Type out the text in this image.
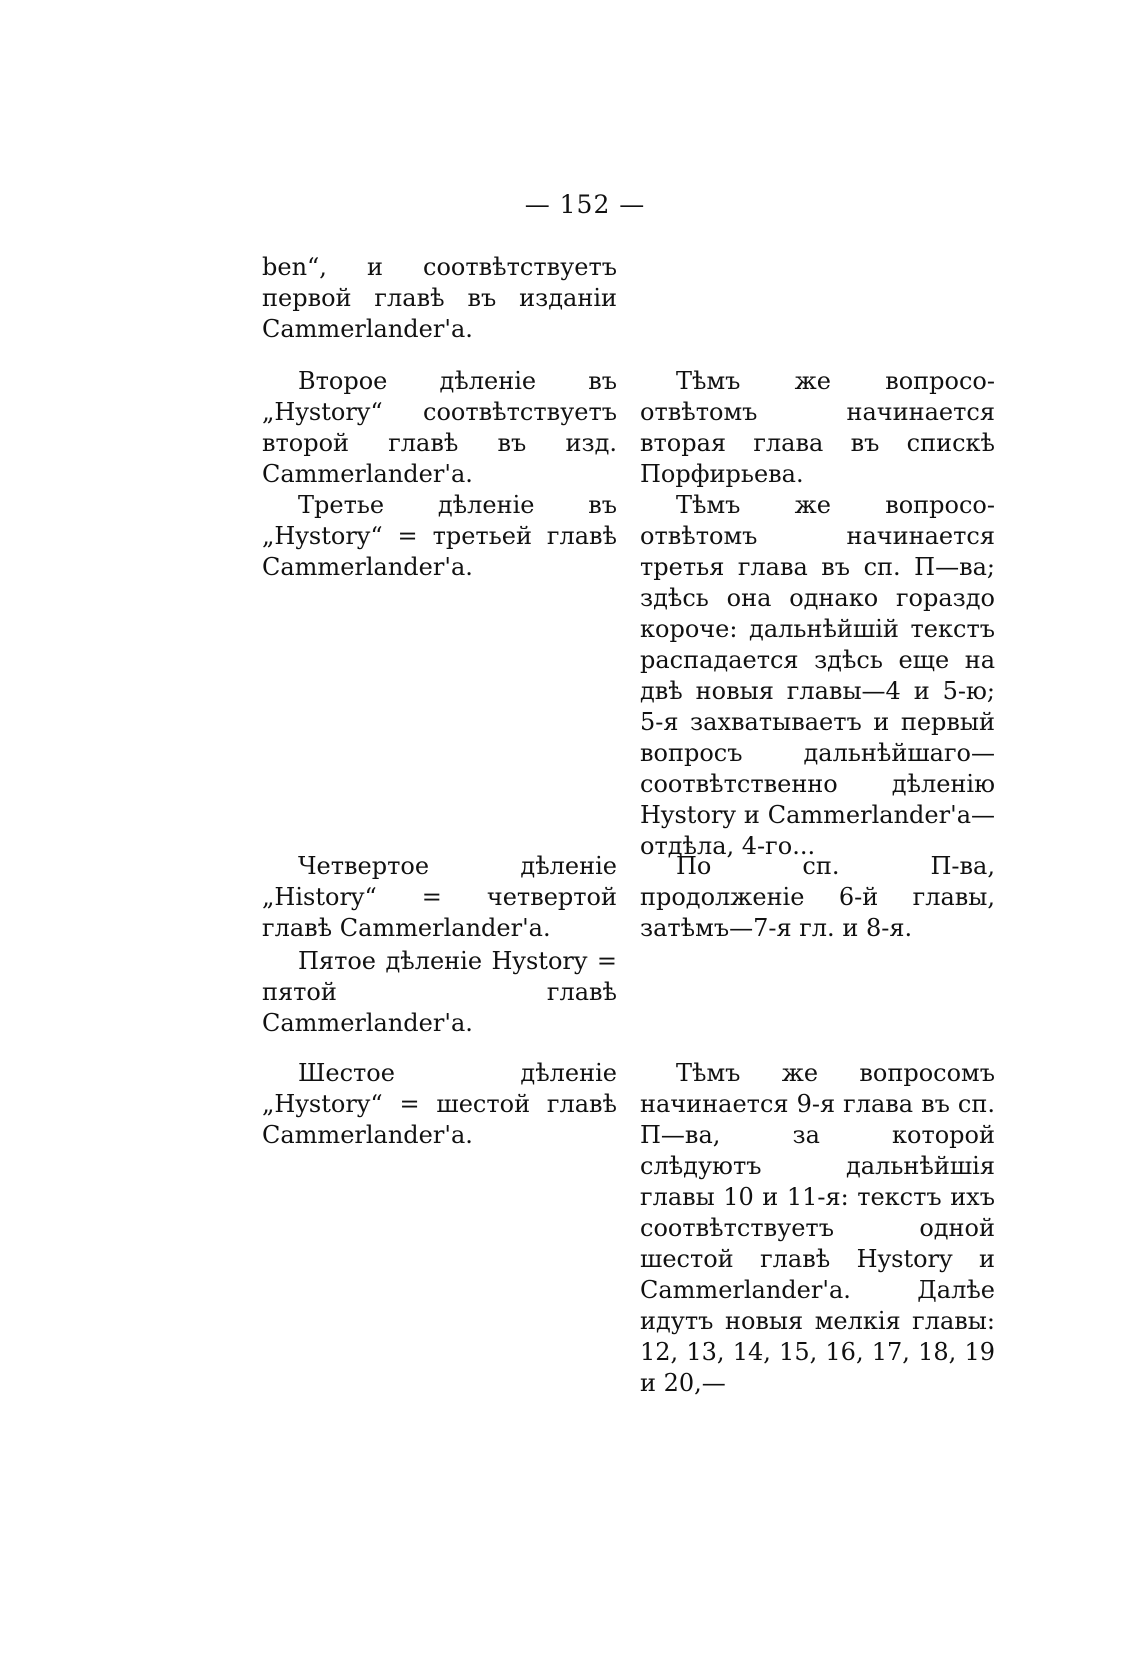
— 152 —

ben“, и соотвѣтствуетъ первой главѣ въ изданіи Cammerlander'а.

Второе дѣленіе въ „Hystory“ соотвѣтствуетъ второй главѣ въ изд. Cammerlander'а.

Третье дѣленіе въ „Hystory“ = третьей главѣ Cammerlander'а.

Четвертое дѣленіе „History“ = четвертой главѣ Cammerlander'а.

Пятое дѣленіе Hystory = пятой главѣ Cammerlander'а.

Шестое дѣленіе „Hystory“ = шестой главѣ Cammerlander'а.

Тѣмъ же вопросо-отвѣтомъ начинается вторая глава въ спискѣ Порфирьева.

Тѣмъ же вопросо-отвѣтомъ начинается третья глава въ сп. П—ва; здѣсь она однако гораздо короче: дальнѣйшій текстъ распадается здѣсь еще на двѣ новыя главы—4 и 5-ю; 5-я захватываетъ и первый вопросъ дальнѣйшаго—соотвѣтственно дѣленію Hystory и Cammerlander'а—отдѣла, 4-го...

По сп. П-ва, продолженіе 6-й главы, затѣмъ—7-я гл. и 8-я.

Тѣмъ же вопросомъ начинается 9-я глава въ сп. П—ва, за которой слѣдуютъ дальнѣйшія главы 10 и 11-я: текстъ ихъ соотвѣтствуетъ одной шестой главѣ Hystory и Cammerlander'а. Далѣе идутъ новыя мелкія главы: 12, 13, 14, 15, 16, 17, 18, 19 и 20,—
